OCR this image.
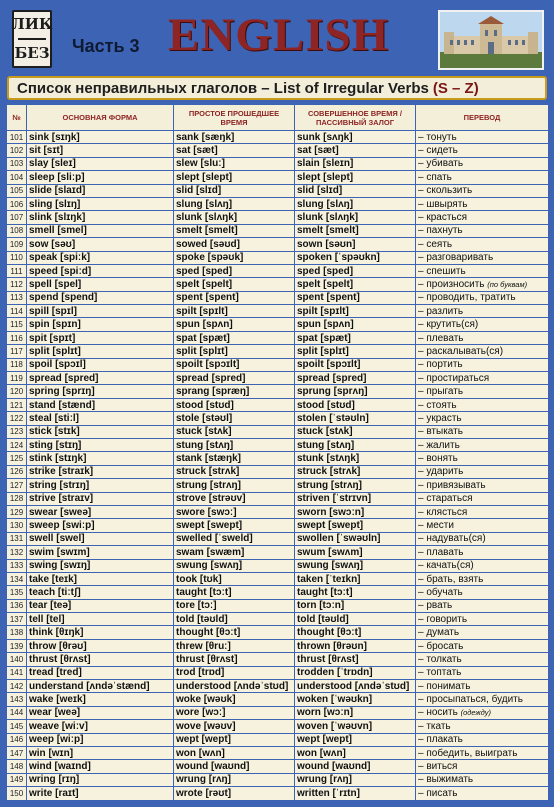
ЛИК
БЕЗ Часть 3 ENGLISH
Список неправильных глаголов – List of Irregular Verbs (S – Z)
№	ОСНОВНАЯ ФОРМА	ПРОСТОЕ ПРОШЕДШЕЕ ВРЕМЯ	СОВЕРШЕННОЕ ВРЕМЯ / ПАССИВНЫЙ ЗАЛОГ	ПЕРЕВОД
101	sink [sɪŋk]	sank [sæŋk]	sunk [sʌŋk]	– тонуть
102	sit [sɪt]	sat [sæt]	sat [sæt]	– сидеть
103	slay [sleɪ]	slew [sluː]	slain [sleɪn]	– убивать
104	sleep [sliːp]	slept [slept]	slept [slept]	– спать
105	slide [slaɪd]	slid [slɪd]	slid [slɪd]	– скользить
106	sling [slɪŋ]	slung [slʌŋ]	slung [slʌŋ]	– швырять
107	slink [slɪŋk]	slunk [slʌŋk]	slunk [slʌŋk]	– красться
108	smell [smel]	smelt [smelt]	smelt [smelt]	– пахнуть
109	sow [səʊ]	sowed [səʊd]	sown [səʊn]	– сеять
110	speak [spiːk]	spoke [spəʊk]	spoken [ˈspəʊkn]	– разговаривать
111	speed [spiːd]	sped [sped]	sped [sped]	– спешить
112	spell [spel]	spelt [spelt]	spelt [spelt]	– произносить (по буквам)
113	spend [spend]	spent [spent]	spent [spent]	– проводить, тратить
114	spill [spɪl]	spilt [spɪlt]	spilt [spɪlt]	– разлить
115	spin [spɪn]	spun [spʌn]	spun [spʌn]	– крутить(ся)
116	spit [spɪt]	spat [spæt]	spat [spæt]	– плевать
117	split [splɪt]	split [splɪt]	split [splɪt]	– раскалывать(ся)
118	spoil [spɔɪl]	spoilt [spɔɪlt]	spoilt [spɔɪlt]	– портить
119	spread [spred]	spread [spred]	spread [spred]	– простираться
120	spring [sprɪŋ]	sprang [spræŋ]	sprung [sprʌŋ]	– прыгать
121	stand [stænd]	stood [stʊd]	stood [stʊd]	– стоять
122	steal [stiːl]	stole [stəʊl]	stolen [ˈstəʊln]	– украсть
123	stick [stɪk]	stuck [stʌk]	stuck [stʌk]	– втыкать
124	sting [stɪŋ]	stung [stʌŋ]	stung [stʌŋ]	– жалить
125	stink [stɪŋk]	stank [stæŋk]	stunk [stʌŋk]	– вонять
126	strike [straɪk]	struck [strʌk]	struck [strʌk]	– ударить
127	string [strɪŋ]	strung [strʌŋ]	strung [strʌŋ]	– привязывать
128	strive [straɪv]	strove [strəʊv]	striven [ˈstrɪvn]	– стараться
129	swear [sweə]	swore [swɔː]	sworn [swɔːn]	– клясться
130	sweep [swiːp]	swept [swept]	swept [swept]	– мести
131	swell [swel]	swelled [ˈsweld]	swollen [ˈswəʊln]	– надувать(ся)
132	swim [swɪm]	swam [swæm]	swum [swʌm]	– плавать
133	swing [swɪŋ]	swung [swʌŋ]	swung [swʌŋ]	– качать(ся)
134	take [teɪk]	took [tʊk]	taken [ˈteɪkn]	– брать, взять
135	teach [tiːtʃ]	taught [tɔːt]	taught [tɔːt]	– обучать
136	tear [teə]	tore [tɔː]	torn [tɔːn]	– рвать
137	tell [tel]	told [təʊld]	told [təʊld]	– говорить
138	think [θɪŋk]	thought [θɔːt]	thought [θɔːt]	– думать
139	throw [θrəʊ]	threw [θruː]	thrown [θrəʊn]	– бросать
140	thrust [θrʌst]	thrust [θrʌst]	thrust [θrʌst]	– толкать
141	tread [tred]	trod [trɒd]	trodden [ˈtrɒdn]	– топтать
142	understand [ʌndəˈstænd]	understood [ʌndəˈstʊd]	understood [ʌndəˈstʊd]	– понимать
143	wake [weɪk]	woke [wəʊk]	woken [ˈwəʊkn]	– просыпаться, будить
144	wear [weə]	wore [wɔː]	worn [wɔːn]	– носить (одежду)
145	weave [wiːv]	wove [wəʊv]	woven [ˈwəʊvn]	– ткать
146	weep [wiːp]	wept [wept]	wept [wept]	– плакать
147	win [wɪn]	won [wʌn]	won [wʌn]	– победить, выиграть
148	wind [waɪnd]	wound [waʊnd]	wound [waʊnd]	– виться
149	wring [rɪŋ]	wrung [rʌŋ]	wrung [rʌŋ]	– выжимать
150	write [raɪt]	wrote [rəʊt]	written [ˈrɪtn]	– писать
